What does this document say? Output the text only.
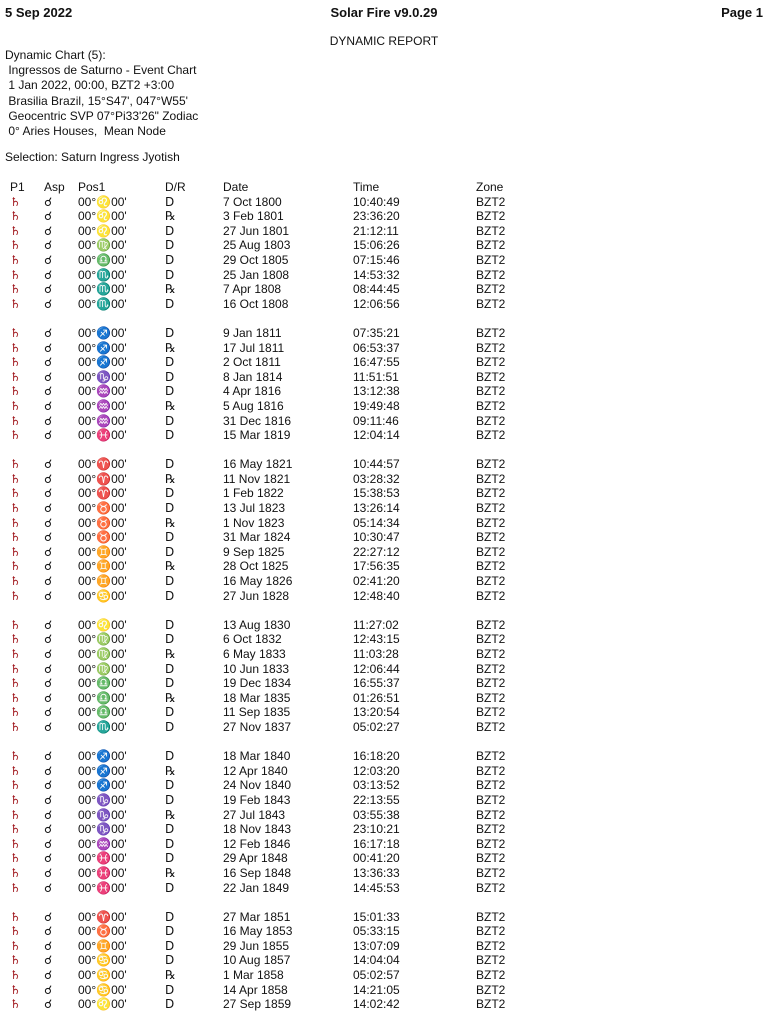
5 Sep 2022	Solar Fire v9.0.29	Page 1
DYNAMIC REPORT
Dynamic Chart (5):
Ingressos de Saturno - Event Chart
1 Jan 2022, 00:00, BZT2 +3:00
Brasilia Brazil, 15°S47', 047°W55'
Geocentric SVP 07°Pi33'26" Zodiac
0° Aries Houses,  Mean Node
Selection: Saturn Ingress Jyotish
P1 Asp Pos1	D/R	Date	Time	Zone
♄ ☌ 00°♌00'	D	7 Oct 1800	10:40:49	BZT2
♄ ☌ 00°♌00'	℞	3 Feb 1801	23:36:20	BZT2
♄ ☌ 00°♌00'	D	27 Jun 1801	21:12:11	BZT2
♄ ☌ 00°♍00'	D	25 Aug 1803	15:06:26	BZT2
♄ ☌ 00°♎00'	D	29 Oct 1805	07:15:46	BZT2
♄ ☌ 00°♏00'	D	25 Jan 1808	14:53:32	BZT2
♄ ☌ 00°♏00'	℞	7 Apr 1808	08:44:45	BZT2
♄ ☌ 00°♏00'	D	16 Oct 1808	12:06:56	BZT2
♄ ☌ 00°♐00'	D	9 Jan 1811	07:35:21	BZT2
♄ ☌ 00°♐00'	℞	17 Jul 1811	06:53:37	BZT2
♄ ☌ 00°♐00'	D	2 Oct 1811	16:47:55	BZT2
♄ ☌ 00°♑00'	D	8 Jan 1814	11:51:51	BZT2
♄ ☌ 00°♒00'	D	4 Apr 1816	13:12:38	BZT2
♄ ☌ 00°♒00'	℞	5 Aug 1816	19:49:48	BZT2
♄ ☌ 00°♒00'	D	31 Dec 1816	09:11:46	BZT2
♄ ☌ 00°♓00'	D	15 Mar 1819	12:04:14	BZT2
♄ ☌ 00°♈00'	D	16 May 1821	10:44:57	BZT2
♄ ☌ 00°♈00'	℞	11 Nov 1821	03:28:32	BZT2
♄ ☌ 00°♈00'	D	1 Feb 1822	15:38:53	BZT2
♄ ☌ 00°♉00'	D	13 Jul 1823	13:26:14	BZT2
♄ ☌ 00°♉00'	℞	1 Nov 1823	05:14:34	BZT2
♄ ☌ 00°♉00'	D	31 Mar 1824	10:30:47	BZT2
♄ ☌ 00°♊00'	D	9 Sep 1825	22:27:12	BZT2
♄ ☌ 00°♊00'	℞	28 Oct 1825	17:56:35	BZT2
♄ ☌ 00°♊00'	D	16 May 1826	02:41:20	BZT2
♄ ☌ 00°♋00'	D	27 Jun 1828	12:48:40	BZT2
♄ ☌ 00°♌00'	D	13 Aug 1830	11:27:02	BZT2
♄ ☌ 00°♍00'	D	6 Oct 1832	12:43:15	BZT2
♄ ☌ 00°♍00'	℞	6 May 1833	11:03:28	BZT2
♄ ☌ 00°♍00'	D	10 Jun 1833	12:06:44	BZT2
♄ ☌ 00°♎00'	D	19 Dec 1834	16:55:37	BZT2
♄ ☌ 00°♎00'	℞	18 Mar 1835	01:26:51	BZT2
♄ ☌ 00°♎00'	D	11 Sep 1835	13:20:54	BZT2
♄ ☌ 00°♏00'	D	27 Nov 1837	05:02:27	BZT2
♄ ☌ 00°♐00'	D	18 Mar 1840	16:18:20	BZT2
♄ ☌ 00°♐00'	℞	12 Apr 1840	12:03:20	BZT2
♄ ☌ 00°♐00'	D	24 Nov 1840	03:13:52	BZT2
♄ ☌ 00°♑00'	D	19 Feb 1843	22:13:55	BZT2
♄ ☌ 00°♑00'	℞	27 Jul 1843	03:55:38	BZT2
♄ ☌ 00°♑00'	D	18 Nov 1843	23:10:21	BZT2
♄ ☌ 00°♒00'	D	12 Feb 1846	16:17:18	BZT2
♄ ☌ 00°♓00'	D	29 Apr 1848	00:41:20	BZT2
♄ ☌ 00°♓00'	℞	16 Sep 1848	13:36:33	BZT2
♄ ☌ 00°♓00'	D	22 Jan 1849	14:45:53	BZT2
♄ ☌ 00°♈00'	D	27 Mar 1851	15:01:33	BZT2
♄ ☌ 00°♉00'	D	16 May 1853	05:33:15	BZT2
♄ ☌ 00°♊00'	D	29 Jun 1855	13:07:09	BZT2
♄ ☌ 00°♋00'	D	10 Aug 1857	14:04:04	BZT2
♄ ☌ 00°♋00'	℞	1 Mar 1858	05:02:57	BZT2
♄ ☌ 00°♋00'	D	14 Apr 1858	14:21:05	BZT2
♄ ☌ 00°♌00'	D	27 Sep 1859	14:02:42	BZT2
